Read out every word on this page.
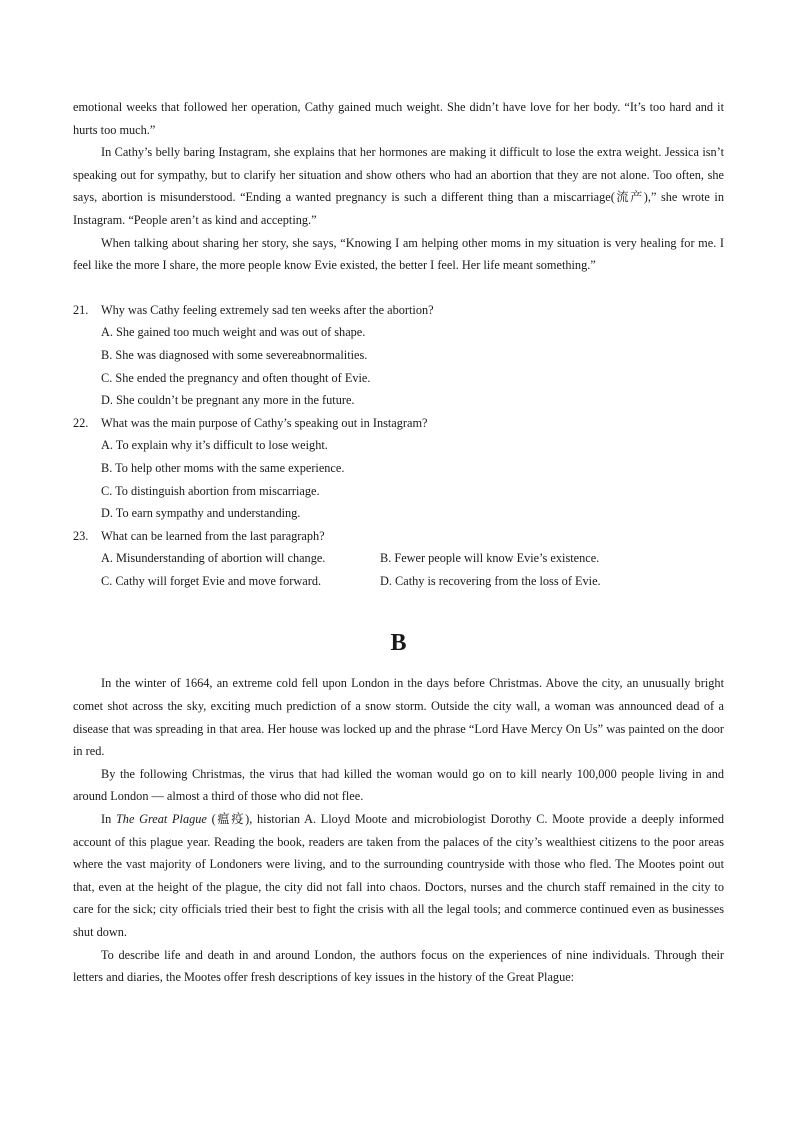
emotional weeks that followed her operation, Cathy gained much weight. She didn’t have love for her body. “It’s too hard and it hurts too much.”

In Cathy’s belly baring Instagram, she explains that her hormones are making it difficult to lose the extra weight. Jessica isn’t speaking out for sympathy, but to clarify her situation and show others who had an abortion that they are not alone. Too often, she says, abortion is misunderstood. “Ending a wanted pregnancy is such a different thing than a miscarriage(流产),” she wrote in Instagram. “People aren’t as kind and accepting.”

When talking about sharing her story, she says, “Knowing I am helping other moms in my situation is very healing for me. I feel like the more I share, the more people know Evie existed, the better I feel. Her life meant something.”

21.	Why was Cathy feeling extremely sad ten weeks after the abortion?
A. She gained too much weight and was out of shape.
B. She was diagnosed with some severeabnormalities.
C. She ended the pregnancy and often thought of Evie.
D. She couldn’t be pregnant any more in the future.
22.	What was the main purpose of Cathy’s speaking out in Instagram?
A. To explain why it’s difficult to lose weight.
B. To help other moms with the same experience.
C. To distinguish abortion from miscarriage.
D. To earn sympathy and understanding.
23.	What can be learned from the last paragraph?
A. Misunderstanding of abortion will change.	B. Fewer people will know Evie’s existence.
C. Cathy will forget Evie and move forward.	D. Cathy is recovering from the loss of Evie.
B

In the winter of 1664, an extreme cold fell upon London in the days before Christmas. Above the city, an unusually bright comet shot across the sky, exciting much prediction of a snow storm. Outside the city wall, a woman was announced dead of a disease that was spreading in that area. Her house was locked up and the phrase “Lord Have Mercy On Us” was painted on the door in red.

By the following Christmas, the virus that had killed the woman would go on to kill nearly 100,000 people living in and around London — almost a third of those who did not flee.

In The Great Plague (瘟疫), historian A. Lloyd Moote and microbiologist Dorothy C. Moote provide a deeply informed account of this plague year. Reading the book, readers are taken from the palaces of the city’s wealthiest citizens to the poor areas where the vast majority of Londoners were living, and to the surrounding countryside with those who fled. The Mootes point out that, even at the height of the plague, the city did not fall into chaos. Doctors, nurses and the church staff remained in the city to care for the sick; city officials tried their best to fight the crisis with all the legal tools; and commerce continued even as businesses shut down.

To describe life and death in and around London, the authors focus on the experiences of nine individuals. Through their letters and diaries, the Mootes offer fresh descriptions of key issues in the history of the Great Plague:
